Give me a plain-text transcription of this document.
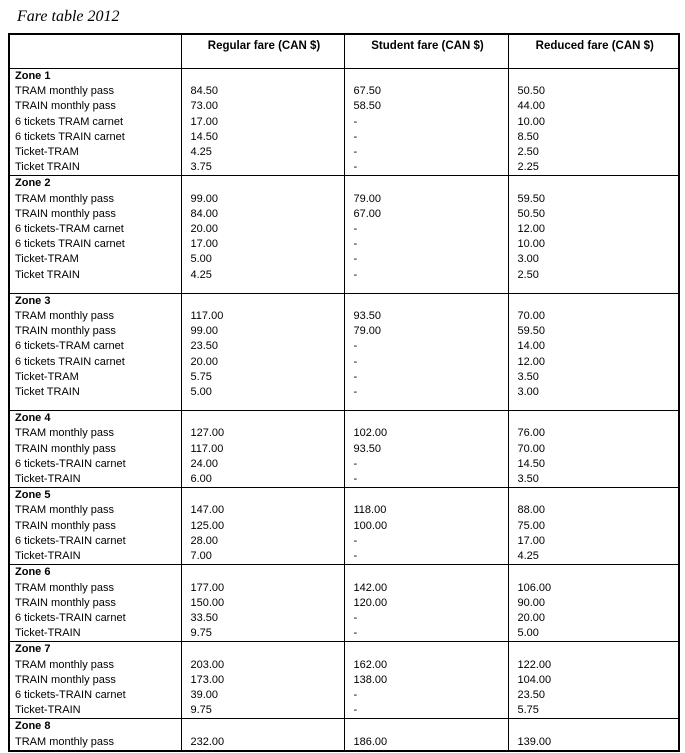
Fare table 2012
	Regular fare (CAN $)	Student fare (CAN $)	Reduced fare (CAN $)
Zone 1			
TRAM monthly pass	84.50	67.50	50.50
TRAIN monthly pass	73.00	58.50	44.00
6 tickets TRAM carnet	17.00	-	10.00
6 tickets TRAIN carnet	14.50	-	8.50
Ticket-TRAM	4.25	-	2.50
Ticket TRAIN	3.75	-	2.25
Zone 2			
TRAM monthly pass	99.00	79.00	59.50
TRAIN monthly pass	84.00	67.00	50.50
6 tickets-TRAM carnet	20.00	-	12.00
6 tickets TRAIN carnet	17.00	-	10.00
Ticket-TRAM	5.00	-	3.00
Ticket TRAIN	4.25	-	2.50
Zone 3			
TRAM monthly pass	117.00	93.50	70.00
TRAIN monthly pass	99.00	79.00	59.50
6 tickets-TRAM carnet	23.50	-	14.00
6 tickets TRAIN carnet	20.00	-	12.00
Ticket-TRAM	5.75	-	3.50
Ticket TRAIN	5.00	-	3.00
Zone 4			
TRAM monthly pass	127.00	102.00	76.00
TRAIN monthly pass	117.00	93.50	70.00
6 tickets-TRAIN carnet	24.00	-	14.50
Ticket-TRAIN	6.00	-	3.50
Zone 5			
TRAM monthly pass	147.00	118.00	88.00
TRAIN monthly pass	125.00	100.00	75.00
6 tickets-TRAIN carnet	28.00	-	17.00
Ticket-TRAIN	7.00	-	4.25
Zone 6			
TRAM monthly pass	177.00	142.00	106.00
TRAIN monthly pass	150.00	120.00	90.00
6 tickets-TRAIN carnet	33.50	-	20.00
Ticket-TRAIN	9.75	-	5.00
Zone 7			
TRAM monthly pass	203.00	162.00	122.00
TRAIN monthly pass	173.00	138.00	104.00
6 tickets-TRAIN carnet	39.00	-	23.50
Ticket-TRAIN	9.75	-	5.75
Zone 8			
TRAM monthly pass	232.00	186.00	139.00
